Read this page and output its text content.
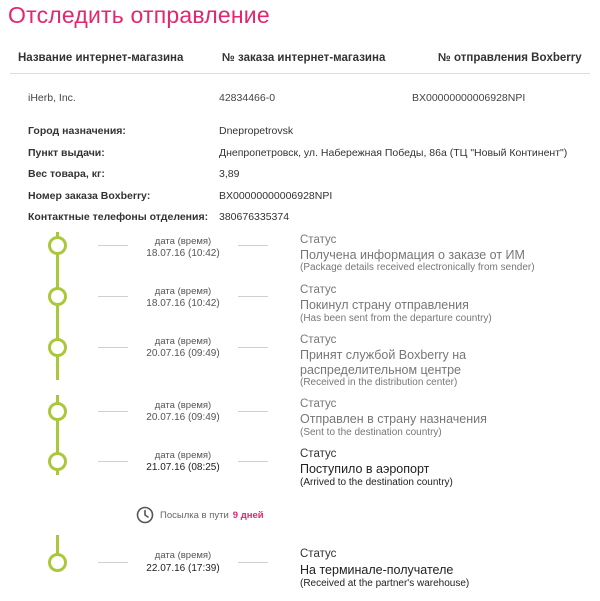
Отследить отправление
Название интернет-магазина	№ заказа интернет-магазина	№ отправления Boxberry
iHerb, Inc.	42834466-0	BX00000000006928NPI
Город назначения:	Dnepropetrovsk
Пункт выдачи:	Днепропетровск, ул. Набережная Победы, 86а (ТЦ "Новый Континент")
Вес товара, кг:	3,89
Номер заказа Boxberry:	BX00000000006928NPI
Контактные телефоны отделения: 380676335374
дата (время)
18.07.16 (10:42)
Статус
Получена информация о заказе от ИМ
(Package details received electronically from sender)
дата (время)
18.07.16 (10:42)
Статус
Покинул страну отправления
(Has been sent from the departure country)
дата (время)
20.07.16 (09:49)
Статус
Принят службой Boxberry на распределительном центре
(Received in the distribution center)
дата (время)
20.07.16 (09:49)
Статус
Отправлен в страну назначения
(Sent to the destination country)
дата (время)
21.07.16 (08:25)
Статус
Поступило в аэропорт
(Arrived to the destination country)
Посылка в пути 9 дней
дата (время)
22.07.16 (17:39)
Статус
На терминале-получателе
(Received at the partner's warehouse)
